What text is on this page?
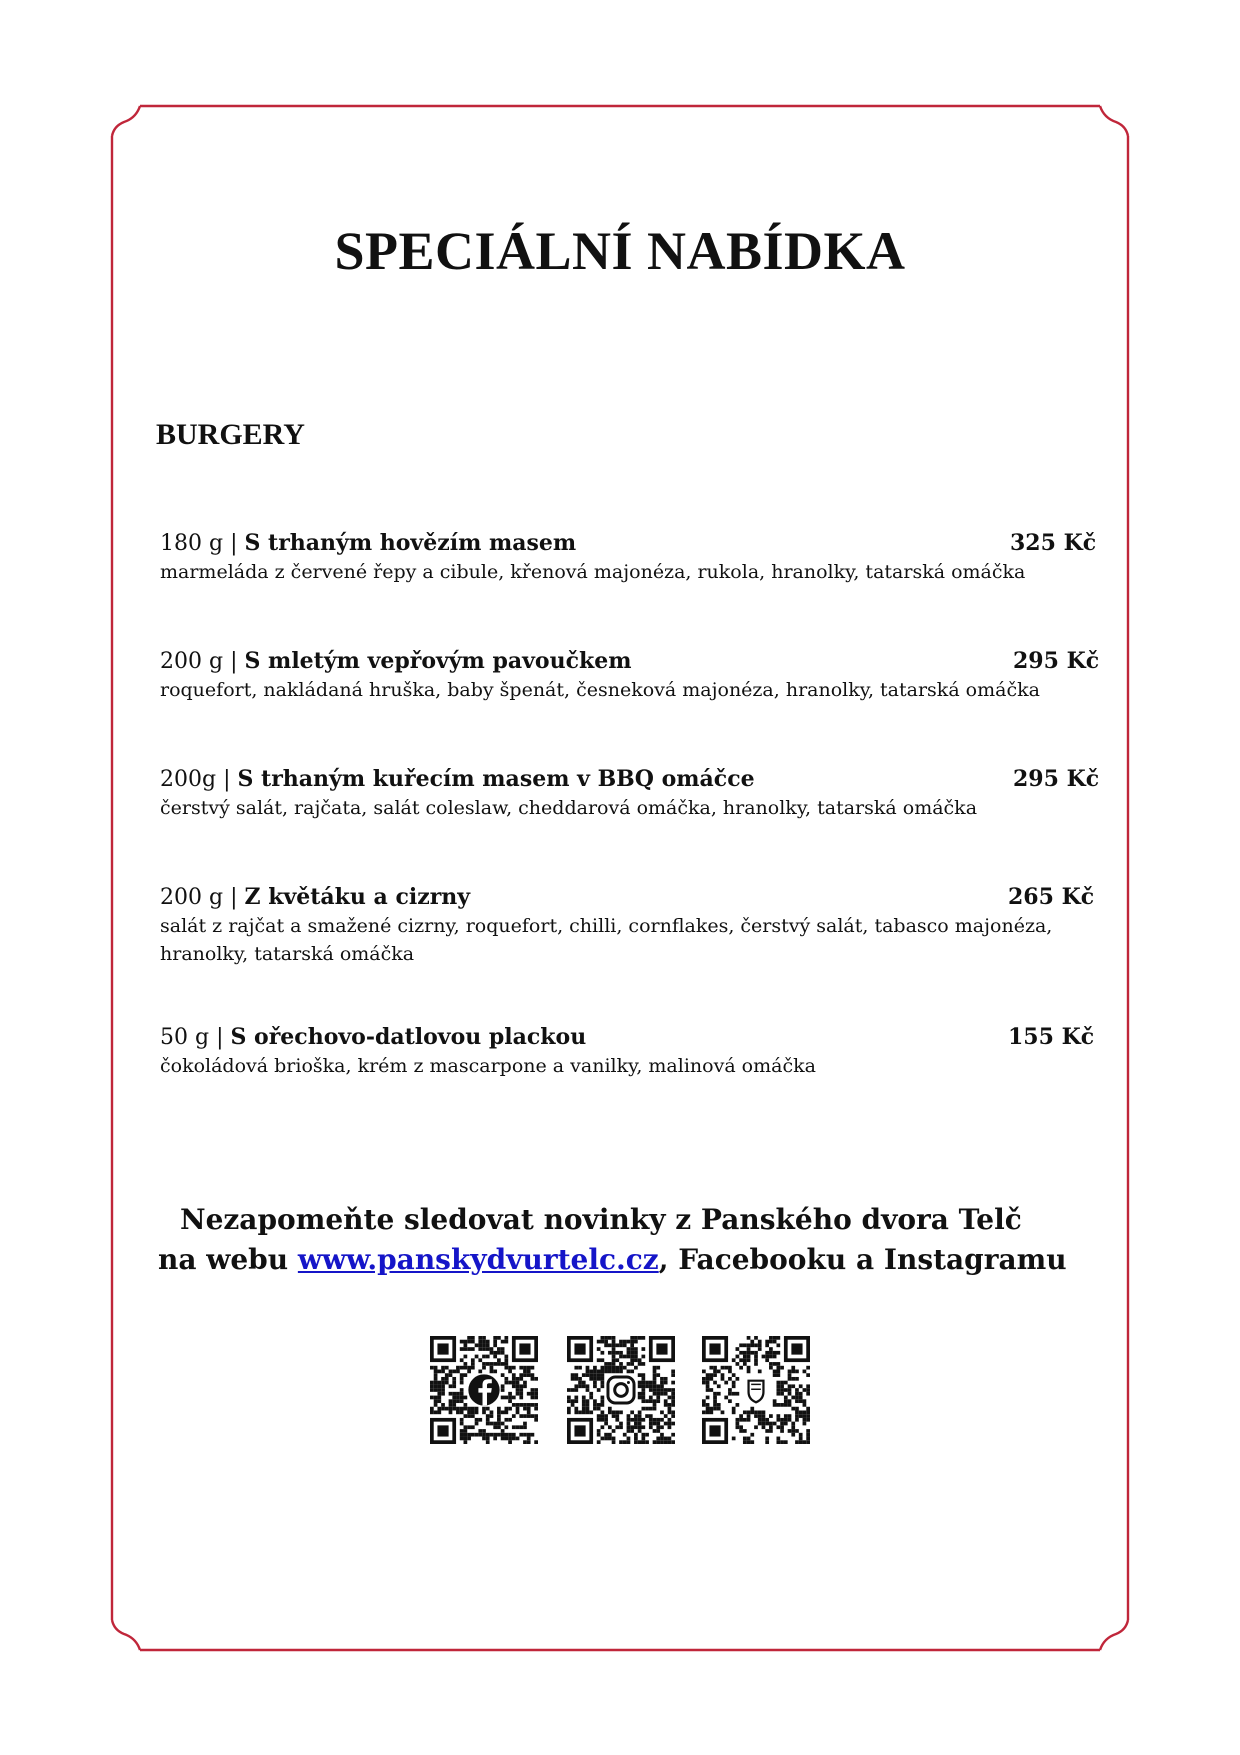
SPECIÁLNÍ NABÍDKA
BURGERY
180 g | S trhaným hovězím masem	325 Kč
marmeláda z červené řepy a cibule, křenová majonéza, rukola, hranolky, tatarská omáčka
200 g | S mletým vepřovým pavoučkem	295 Kč
roquefort, nakládaná hruška, baby špenát, česneková majonéza, hranolky, tatarská omáčka
200g | S trhaným kuřecím masem v BBQ omáčce	295 Kč
čerstvý salát, rajčata, salát coleslaw, cheddarová omáčka, hranolky, tatarská omáčka
200 g | Z květáku a cizrny	265 Kč
salát z rajčat a smažené cizrny, roquefort, chilli, cornflakes, čerstvý salát, tabasco majonéza, hranolky, tatarská omáčka
50 g | S ořechovo-datlovou plackou	155 Kč
čokoládová brioška, krém z mascarpone a vanilky, malinová omáčka
Nezapomeňte sledovat novinky z Panského dvora Telč
na webu www.panskydvurtelc.cz, Facebooku a Instagramu
